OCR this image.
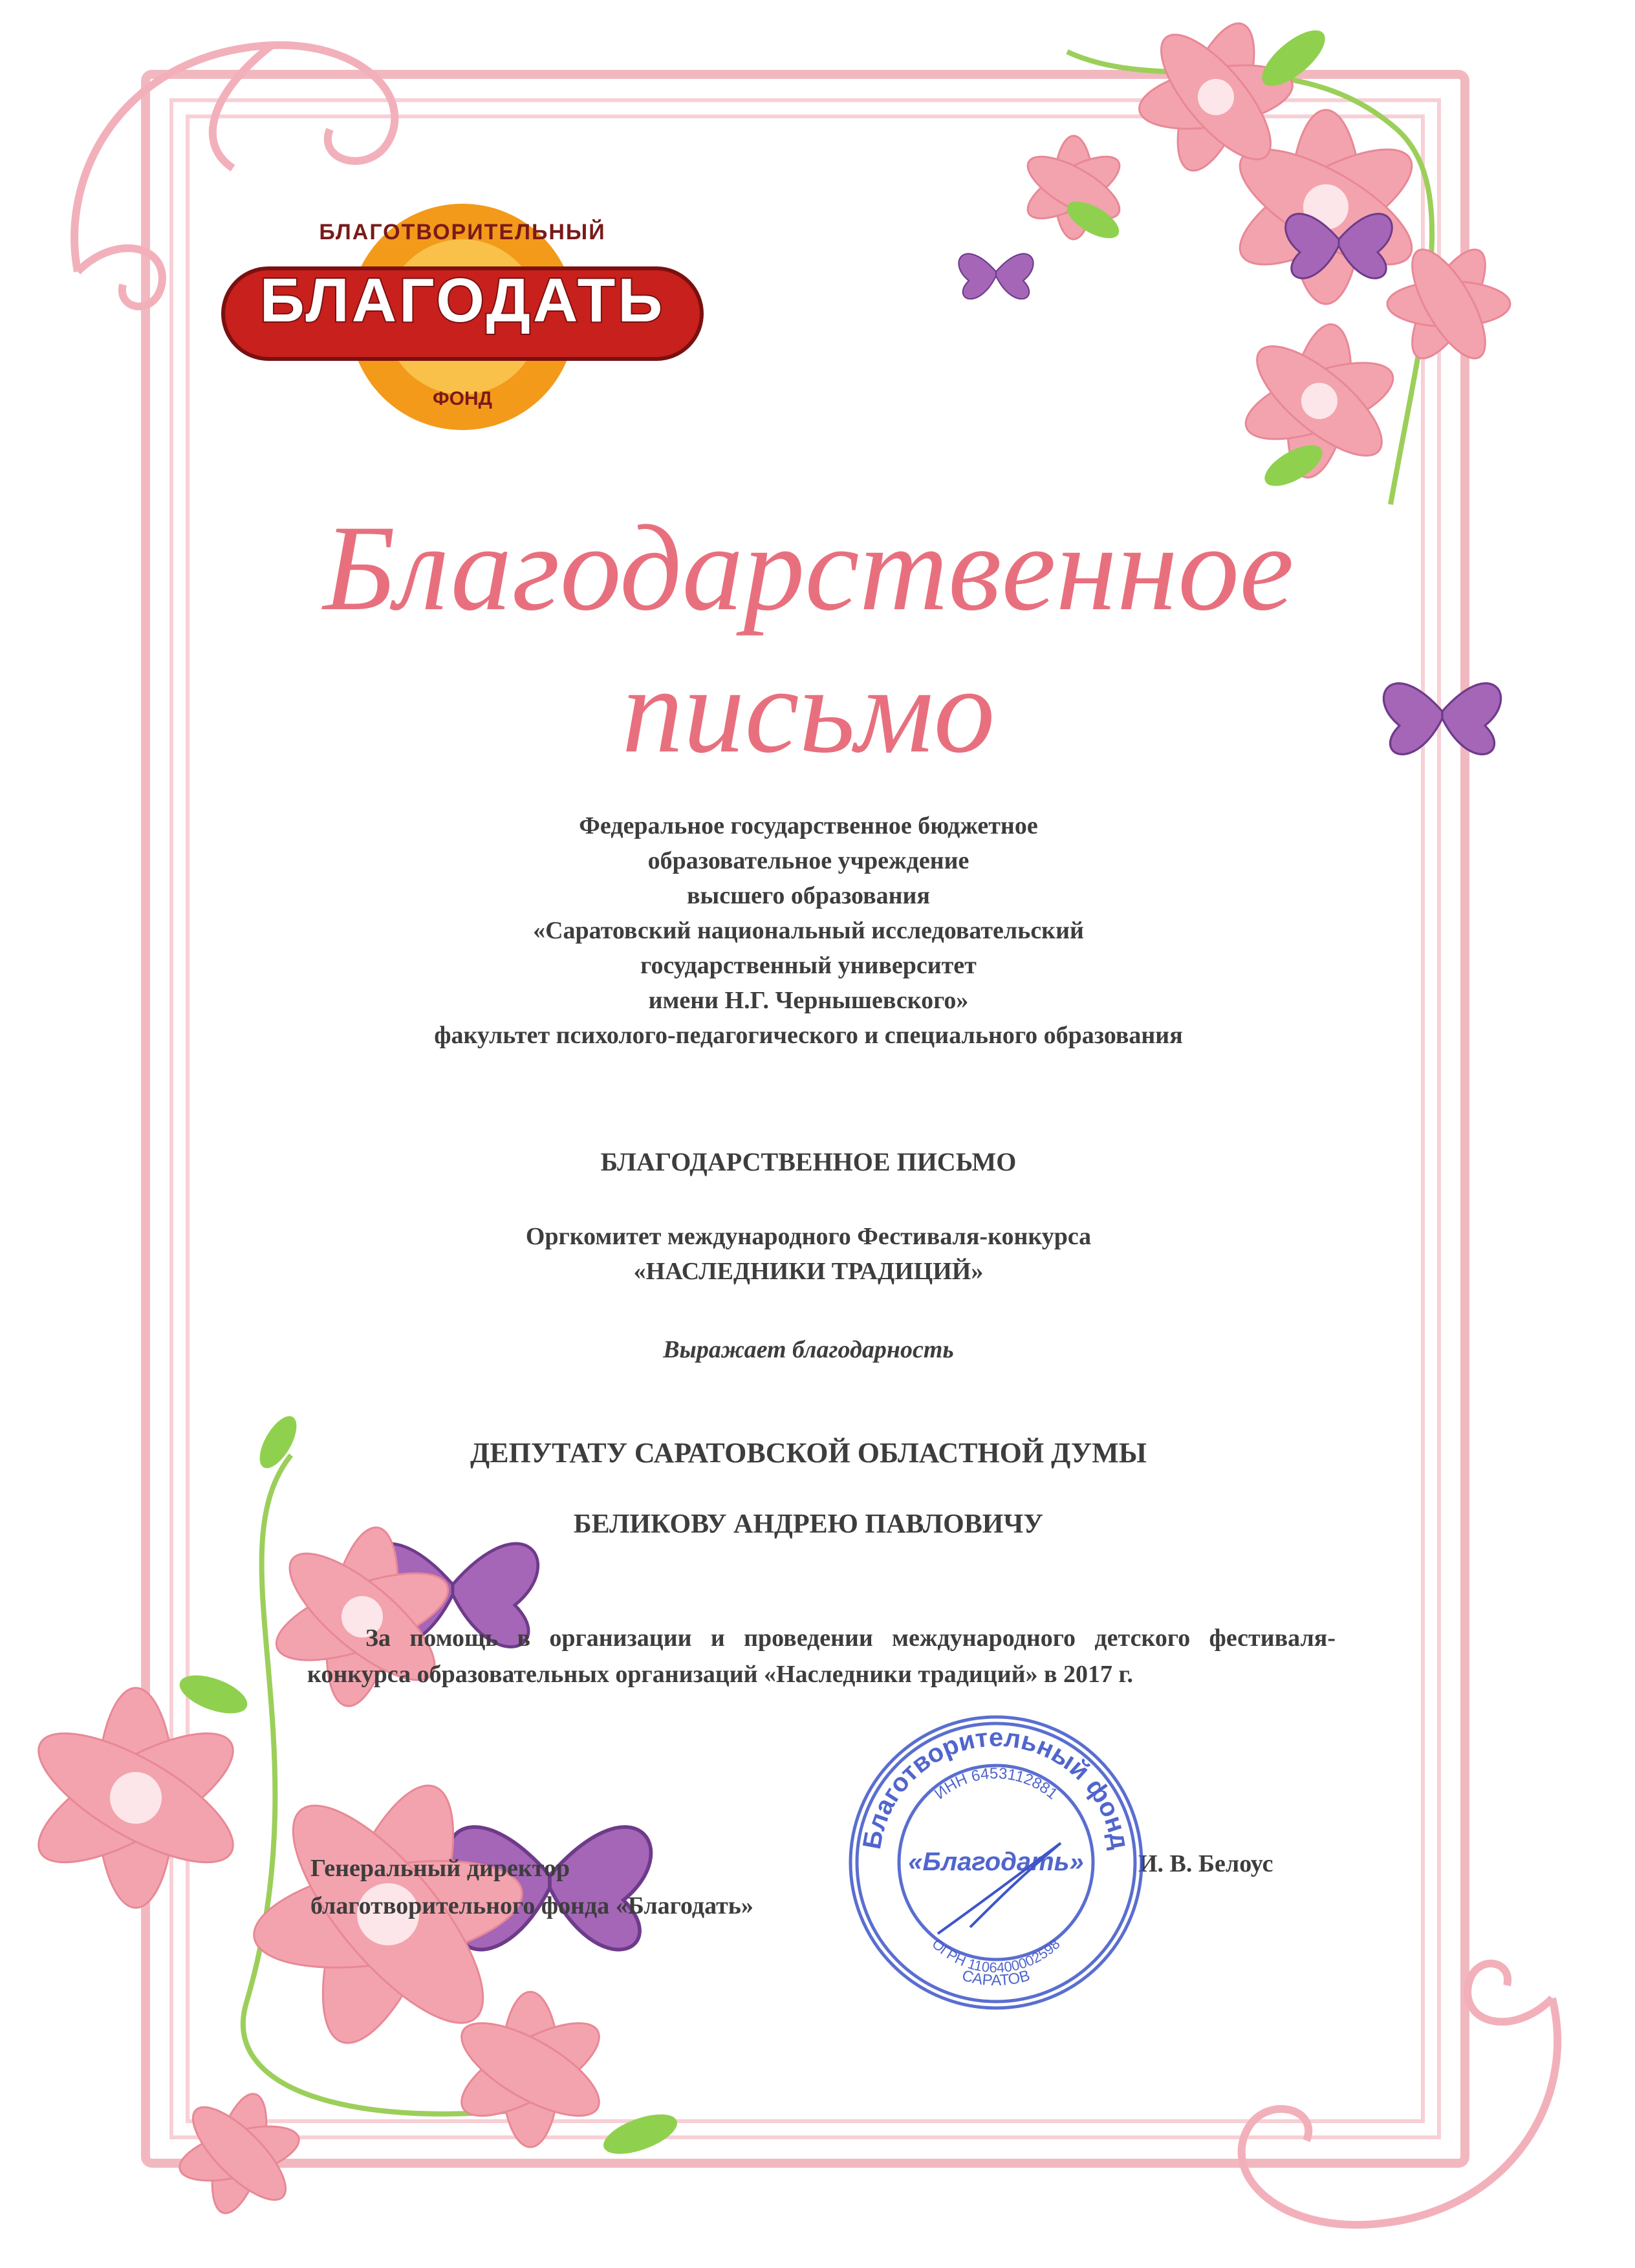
БЛАГОТВОРИТЕЛЬНЫЙ
БЛАГОДАТЬ
ФОНД
Благодарственное
письмо
Федеральное государственное бюджетное
образовательное учреждение
высшего образования
«Саратовский национальный исследовательский
государственный университет
имени Н.Г. Чернышевского»
факультет психолого-педагогического и специального образования
БЛАГОДАРСТВЕННОЕ ПИСЬМО
Оргкомитет международного Фестиваля-конкурса
«НАСЛЕДНИКИ ТРАДИЦИЙ»
Выражает благодарность
ДЕПУТАТУ САРАТОВСКОЙ ОБЛАСТНОЙ ДУМЫ
БЕЛИКОВУ АНДРЕЮ ПАВЛОВИЧУ
За помощь в организации и проведении международного детского фестиваля-конкурса образовательных организаций «Наследники традиций» в 2017 г.
Генеральный директор
благотворительного фонда «Благодать»
И. В. Белоус
Благотворительный фонд
ИНН 6453112881
«Благодать»
ОГРН 1106400002598
САРАТОВ
